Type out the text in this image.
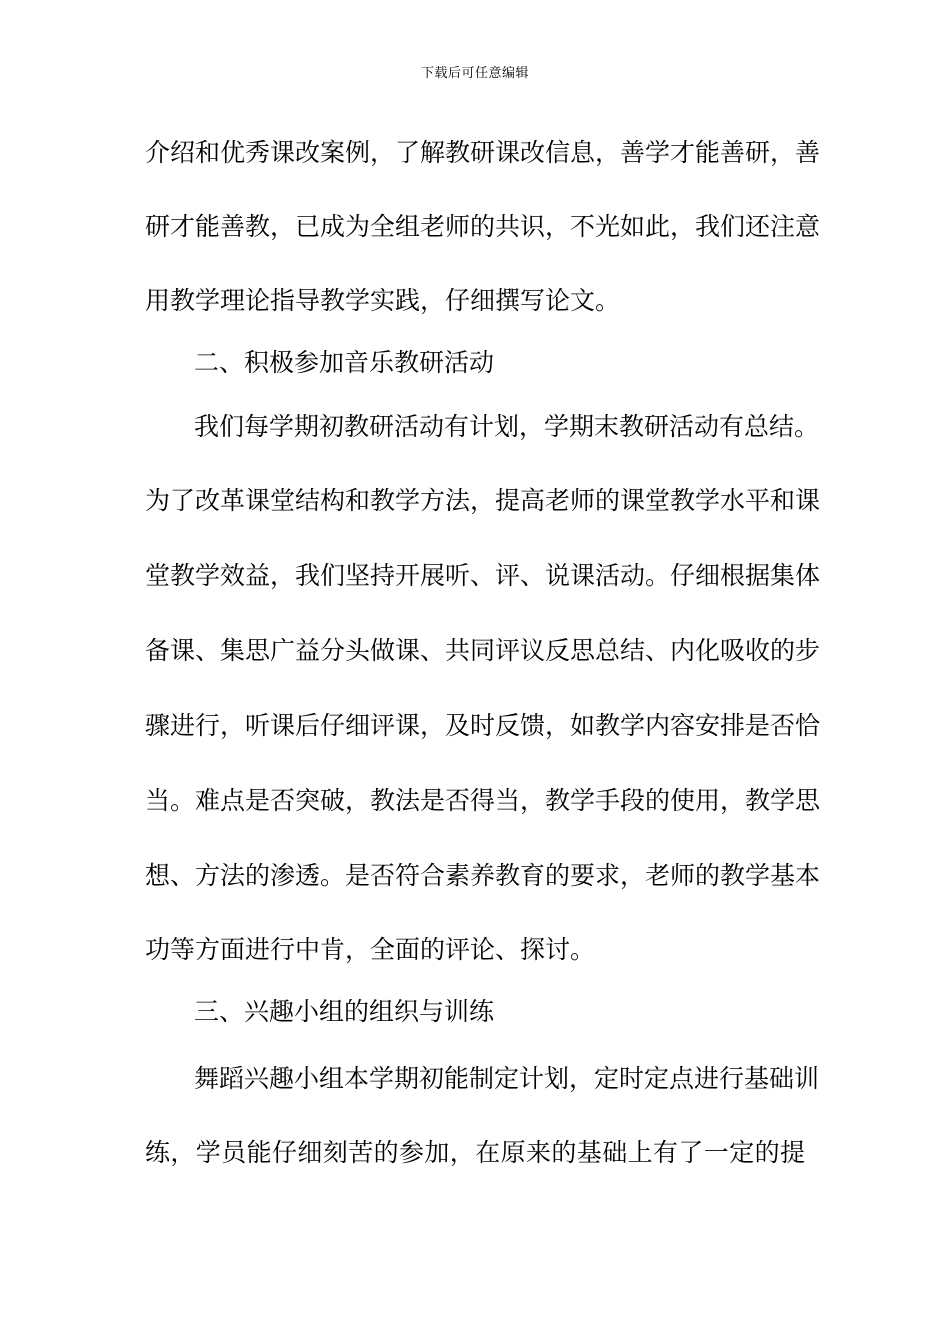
下载后可任意编辑
介绍和优秀课改案例，了解教研课改信息，善学才能善研，善
研才能善教，已成为全组老师的共识，不光如此，我们还注意
用教学理论指导教学实践，仔细撰写论文。
二、积极参加音乐教研活动
我们每学期初教研活动有计划，学期末教研活动有总结。
为了改革课堂结构和教学方法，提高老师的课堂教学水平和课
堂教学效益，我们坚持开展听、评、说课活动。仔细根据集体
备课、集思广益分头做课、共同评议反思总结、内化吸收的步
骤进行，听课后仔细评课，及时反馈，如教学内容安排是否恰
当。难点是否突破，教法是否得当，教学手段的使用，教学思
想、方法的渗透。是否符合素养教育的要求，老师的教学基本
功等方面进行中肯，全面的评论、探讨。
三、兴趣小组的组织与训练
舞蹈兴趣小组本学期初能制定计划，定时定点进行基础训
练，学员能仔细刻苦的参加，在原来的基础上有了一定的提
